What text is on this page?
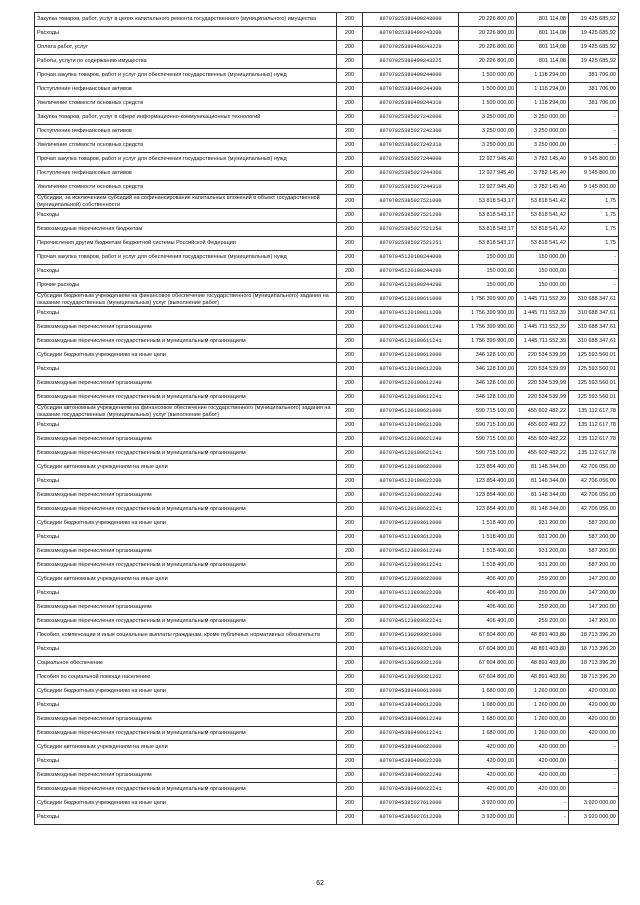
Закупка товаров, работ, услуг в целях капитального ремонта государственного (муниципального) имущества	200	80707025380400243000	20 226 800,00	801 114,08	19 425 685,92
Расходы	200	80707025380400243200	20 226 800,00	801 114,08	19 425 685,92
Оплата работ, услуг	200	80707025380400243220	20 226 800,00	801 114,08	19 425 685,92
Работы, услуги по содержанию имущества	200	80707025380400243225	20 226 800,00	801 114,08	19 425 685,92
Прочая закупка товаров, работ и услуг для обеспечения государственных (муниципальных) нужд	200	80707025380400244000	1 500 000,00	1 118 294,00	381 706,00
Поступление нефинансовых активов	200	80707025380400244300	1 500 000,00	1 118 294,00	381 706,00
Увеличение стоимости основных средств	200	80707025380400244310	1 500 000,00	1 118 294,00	381 706,00
Закупка товаров, работ, услуг в сфере информационно-коммуникационных технологий	200	80707025385027242000	3 250 000,00	3 250 000,00	-
Поступление нефинансовых активов	200	80707025385027242300	3 250 000,00	3 250 000,00	-
Увеличение стоимости основных средств	200	80707025385027242310	3 250 000,00	3 250 000,00	-
Прочая закупка товаров, работ и услуг для обеспечения государственных (муниципальных) нужд	200	80707025385027244000	12 927 945,40	3 782 145,40	9 145 800,00
Поступление нефинансовых активов	200	80707025385027244300	12 927 945,40	3 782 145,40	9 145 800,00
Увеличение стоимости основных средств	200	80707025385027244310	12 927 945,40	3 782 145,40	9 145 800,00
Субсидии, за исключением субсидий на софинансирование капитальных вложений в объект государственной (муниципальной) собственности	200	80707025385027521000	53 818 543,17	53 818 541,42	1,75
Расходы	200	80707025385027521200	53 818 543,17	53 818 541,42	1,75
Безвозмездные перечисления бюджетам	200	80707025385027521250	53 818 543,17	53 818 541,42	1,75
Перечисления другим бюджетам бюджетной системы Российской Федерации	200	80707025385027521251	53 818 543,17	53 818 541,42	1,75
Прочая закупка товаров, работ и услуг для обеспечения государственных (муниципальных) нужд	200	80707045120100244000	150 000,00	150 000,00	-
Расходы	200	80707045120100244200	150 000,00	150 000,00	-
Прочие расходы	200	80707045120100244290	150 000,00	150 000,00	-
Субсидии бюджетным учреждениям на финансовое обеспечение государственного (муниципального) задания на оказание государственных (муниципальных) услуг (выполнение работ)	200	80707045120100611000	1 756 399 900,00	1 445 711 552,39	310 688 347,61
Расходы	200	80707045120100611200	1 756 399 900,00	1 445 711 552,39	310 688 347,61
Безвозмездные перечисления организациям	200	80707045120100611240	1 756 399 900,00	1 445 711 552,39	310 688 347,61
Безвозмездные перечисления государственным и муниципальным организациям	200	80707045120100611241	1 756 399 900,00	1 445 711 552,39	310 688 347,61
Субсидии бюджетным учреждениям на иные цели	200	80707045120100612000	346 128 100,00	220 534 539,99	125 593 560,01
Расходы	200	80707045120100612200	346 128 100,00	220 534 539,99	125 593 560,01
Безвозмездные перечисления организациям	200	80707045120100612240	346 128 100,00	220 534 539,99	125 593 560,01
Безвозмездные перечисления государственным и муниципальным организациям	200	80707045120100612241	346 128 100,00	220 534 539,99	125 593 560,01
Субсидии автономным учреждениям на финансовое обеспечение государственного (муниципального) задания на оказание государственных (муниципальных) услуг (выполнение работ)	200	80707045120100621000	590 715 100,00	455 602 482,22	135 112 617,78
Расходы	200	80707045120100621200	590 715 100,00	455 602 482,22	135 112 617,78
Безвозмездные перечисления организациям	200	80707045120100621240	590 715 100,00	455 602 482,22	135 112 617,78
Безвозмездные перечисления государственным и муниципальным организациям	200	80707045120100621241	590 715 100,00	455 602 482,22	135 112 617,78
Субсидии автономным учреждениям на иные цели	200	80707045120100622000	123 854 400,00	81 148 344,00	42 706 056,00
Расходы	200	80707045120100622200	123 854 400,00	81 148 344,00	42 706 056,00
Безвозмездные перечисления организациям	200	80707045120100622240	123 854 400,00	81 148 344,00	42 706 056,00
Безвозмездные перечисления государственным и муниципальным организациям	200	80707045120100622241	123 854 400,00	81 148 344,00	42 706 056,00
Субсидии бюджетным учреждениям на иные цели	200	80707045123893612000	1 518 400,00	931 200,00	587 200,00
Расходы	200	80707045123893612200	1 518 400,00	931 200,00	587 200,00
Безвозмездные перечисления организациям	200	80707045123893612240	1 518 400,00	931 200,00	587 200,00
Безвозмездные перечисления государственным и муниципальным организациям	200	80707045123893612241	1 518 400,00	931 200,00	587 200,00
Субсидии автономным учреждениям на иные цели	200	80707045123893622000	406 400,00	259 200,00	147 200,00
Расходы	200	80707045123893622200	406 400,00	259 200,00	147 200,00
Безвозмездные перечисления организациям	200	80707045123893622240	406 400,00	259 200,00	147 200,00
Безвозмездные перечисления государственным и муниципальным организациям	200	80707045123893622241	406 400,00	259 200,00	147 200,00
Пособия, компенсации и иные социальные выплаты гражданам, кроме публичных нормативных обязательств	200	80707045130293321000	67 604 800,00	48 891 403,80	18 713 396,20
Расходы	200	80707045130293321200	67 604 800,00	48 891 403,80	18 713 396,20
Социальное обеспечение	200	80707045130293321260	67 604 800,00	48 891 403,80	18 713 396,20
Пособия по социальной помощи населению	200	80707045130293321262	67 604 800,00	48 891 403,80	18 713 396,20
Субсидии бюджетным учреждениям на иные цели	200	80707045380400612000	1 680 000,00	1 260 000,00	420 000,00
Расходы	200	80707045380400612200	1 680 000,00	1 260 000,00	420 000,00
Безвозмездные перечисления организациям	200	80707045380400612240	1 680 000,00	1 260 000,00	420 000,00
Безвозмездные перечисления государственным и муниципальным организациям	200	80707045380400612241	1 680 000,00	1 260 000,00	420 000,00
Субсидии автономным учреждениям на иные цели	200	80707045380400622000	420 000,00	420 000,00	-
Расходы	200	80707045380400622200	420 000,00	420 000,00	-
Безвозмездные перечисления организациям	200	80707045380400622240	420 000,00	420 000,00	-
Безвозмездные перечисления государственным и муниципальным организациям	200	80707045380400622241	420 000,00	420 000,00	-
Субсидии бюджетным учреждениям на иные цели	200	80707045385027612000	3 920 000,00	-	3 920 000,00
Расходы	200	80707045385027612200	3 920 000,00	-	3 920 000,00
62
